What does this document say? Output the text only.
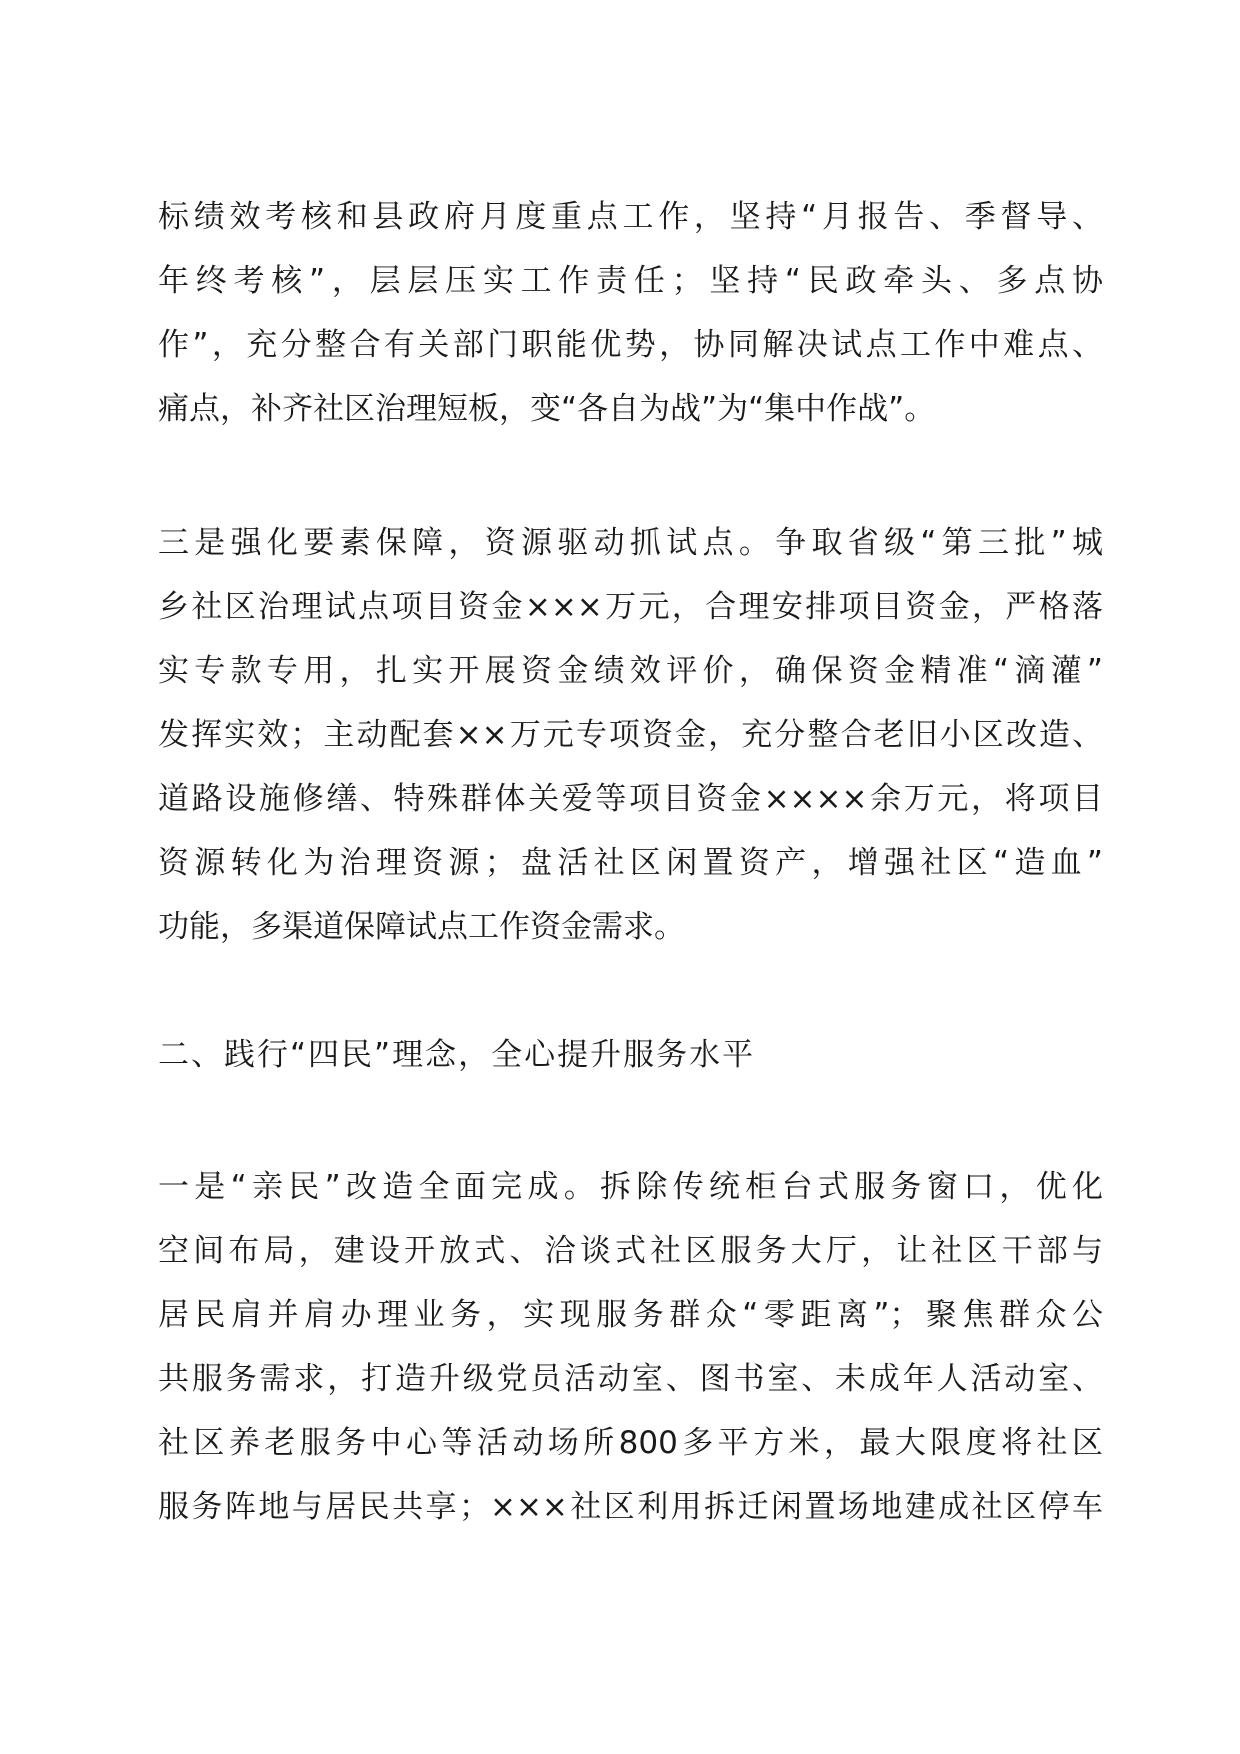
标绩效考核和县政府月度重点工作，坚持“月报告、季督导、
年终考核”，层层压实工作责任；坚持“民政牵头、多点协
作”，充分整合有关部门职能优势，协同解决试点工作中难点、
痛点，补齐社区治理短板，变“各自为战”为“集中作战”。
三是强化要素保障，资源驱动抓试点。争取省级“第三批”城
乡社区治理试点项目资金×××万元，合理安排项目资金，严格落
实专款专用，扎实开展资金绩效评价，确保资金精准“滴灌”
发挥实效；主动配套××万元专项资金，充分整合老旧小区改造、
道路设施修缮、特殊群体关爱等项目资金××××余万元，将项目
资源转化为治理资源；盘活社区闲置资产，增强社区“造血”
功能，多渠道保障试点工作资金需求。
二、践行“四民”理念，全心提升服务水平
一是“亲民”改造全面完成。拆除传统柜台式服务窗口，优化
空间布局，建设开放式、洽谈式社区服务大厅，让社区干部与
居民肩并肩办理业务，实现服务群众“零距离”；聚焦群众公
共服务需求，打造升级党员活动室、图书室、未成年人活动室、
社区养老服务中心等活动场所800多平方米，最大限度将社区
服务阵地与居民共享；×××社区利用拆迁闲置场地建成社区停车
